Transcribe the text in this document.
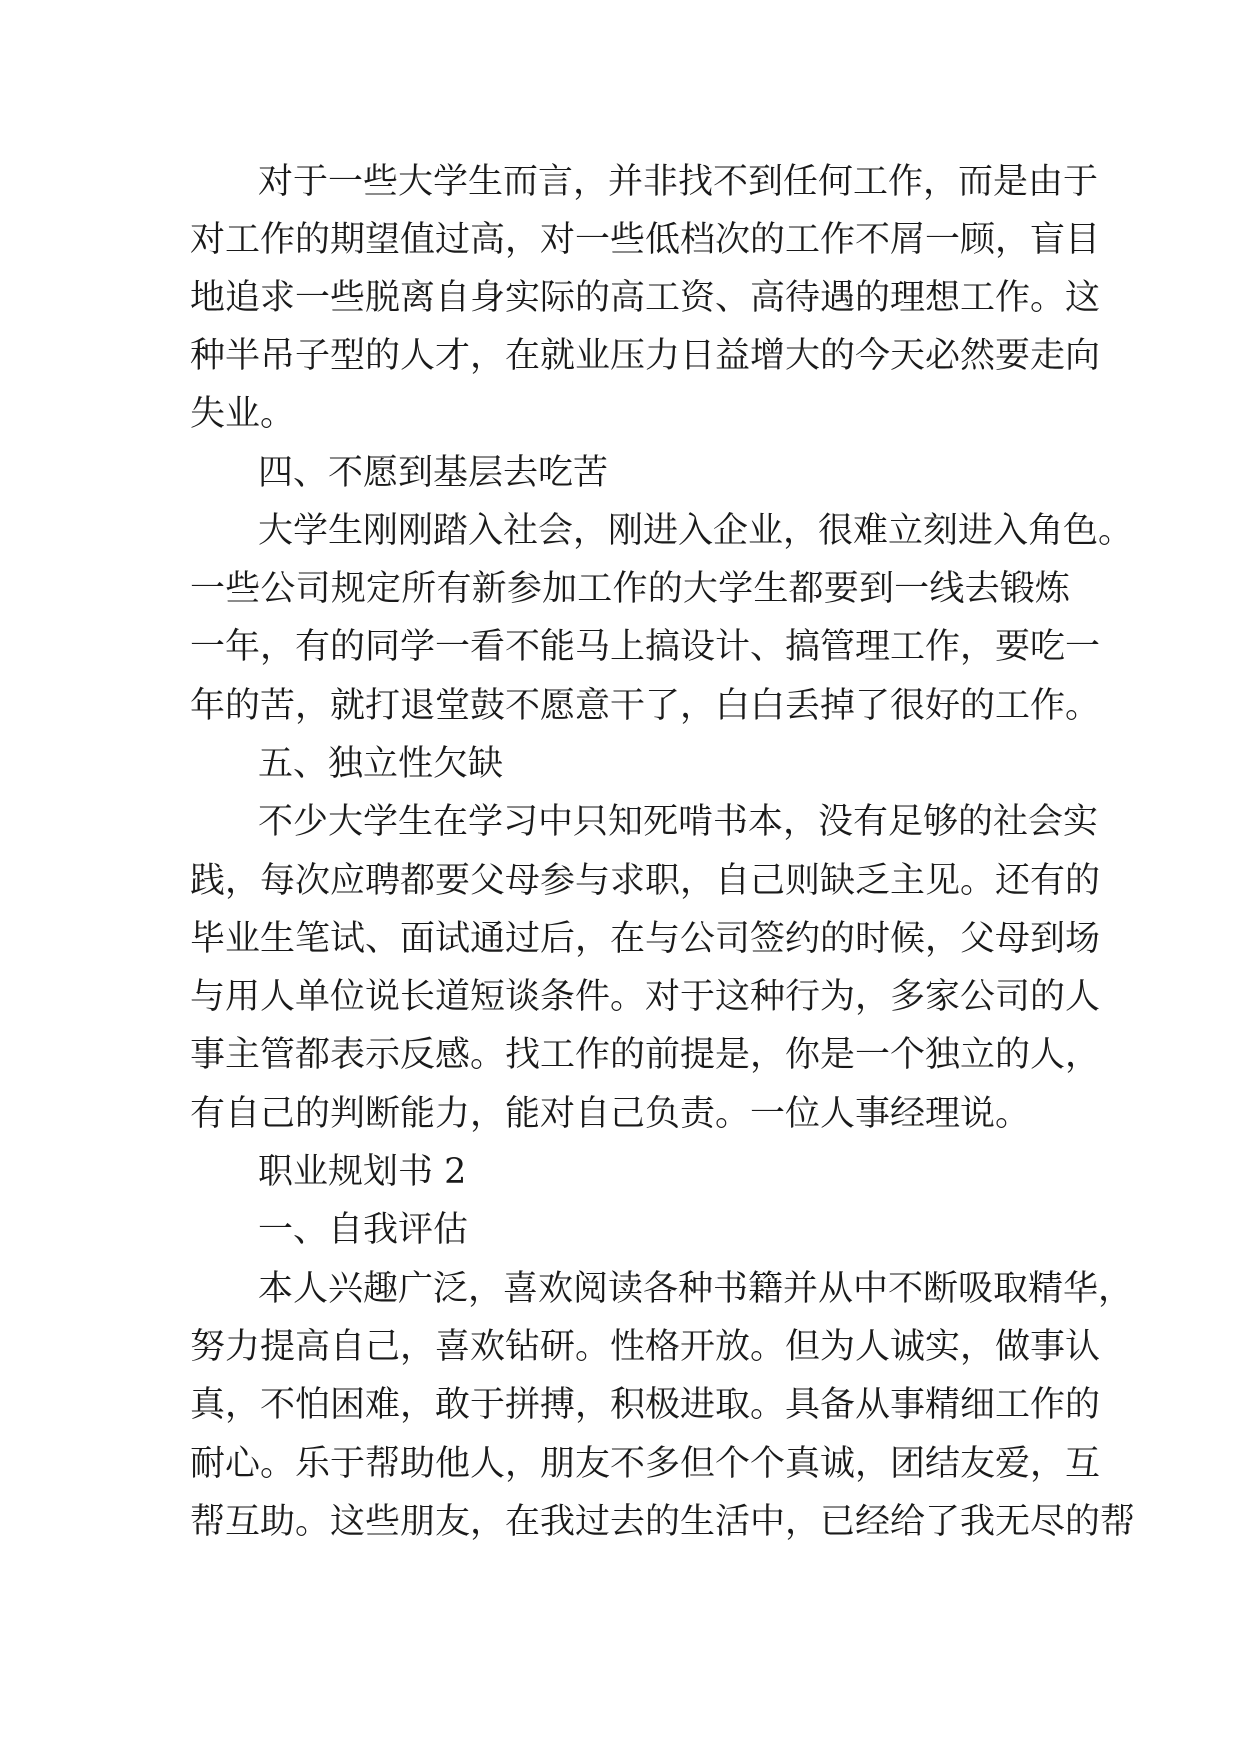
对于一些大学生而言，并非找不到任何工作，而是由于
对工作的期望值过高，对一些低档次的工作不屑一顾，盲目
地追求一些脱离自身实际的高工资、高待遇的理想工作。这
种半吊子型的人才，在就业压力日益增大的今天必然要走向
失业。
四、不愿到基层去吃苦
大学生刚刚踏入社会，刚进入企业，很难立刻进入角色。
一些公司规定所有新参加工作的大学生都要到一线去锻炼
一年，有的同学一看不能马上搞设计、搞管理工作，要吃一
年的苦，就打退堂鼓不愿意干了，白白丢掉了很好的工作。
五、独立性欠缺
不少大学生在学习中只知死啃书本，没有足够的社会实
践，每次应聘都要父母参与求职，自己则缺乏主见。还有的
毕业生笔试、面试通过后，在与公司签约的时候，父母到场
与用人单位说长道短谈条件。对于这种行为，多家公司的人
事主管都表示反感。找工作的前提是，你是一个独立的人，
有自己的判断能力，能对自己负责。一位人事经理说。
职业规划书 2
一、自我评估
本人兴趣广泛，喜欢阅读各种书籍并从中不断吸取精华，
努力提高自己，喜欢钻研。性格开放。但为人诚实，做事认
真，不怕困难，敢于拼搏，积极进取。具备从事精细工作的
耐心。乐于帮助他人，朋友不多但个个真诚，团结友爱，互
帮互助。这些朋友，在我过去的生活中，已经给了我无尽的帮
